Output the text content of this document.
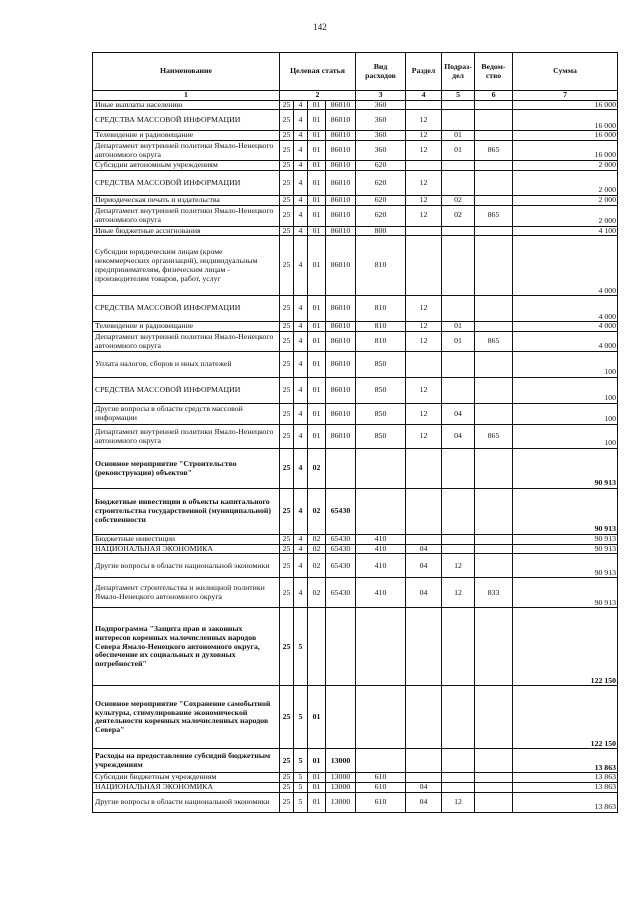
142
Наименование	Целевая статья				Вид расходов	Раздел	Подраз-дел	Ведом-ство	Сумма
1	2				3	4	5	6	7
Иные выплаты населению	25	4	01	86010	360				16 000
СРЕДСТВА МАССОВОЙ ИНФОРМАЦИИ	25	4	01	86010	360	12			16 000
Телевидение и радиовещание	25	4	01	86010	360	12	01		16 000
Департамент внутренней политики Ямало-Ненецкого автономного округа	25	4	01	86010	360	12	01	865	16 000
Субсидии автономным учреждениям	25	4	01	86010	620				2 000
СРЕДСТВА МАССОВОЙ ИНФОРМАЦИИ	25	4	01	86010	620	12			2 000
Периодическая печать и издательства	25	4	01	86010	620	12	02		2 000
Департамент внутренней политики Ямало-Ненецкого автономного округа	25	4	01	86010	620	12	02	865	2 000
Иные бюджетные ассигнования	25	4	01	86010	800				4 100
Субсидии юридическим лицам (кроме некоммерческих организаций), индивидуальным предпринимателям, физическим лицам - производителям товаров, работ, услуг	25	4	01	86010	810				4 000
СРЕДСТВА МАССОВОЙ ИНФОРМАЦИИ	25	4	01	86010	810	12			4 000
Телевидение и радиовещание	25	4	01	86010	810	12	01		4 000
Департамент внутренней политики Ямало-Ненецкого автономного округа	25	4	01	86010	810	12	01	865	4 000
Уплата налогов, сборов и иных платежей	25	4	01	86010	850				100
СРЕДСТВА МАССОВОЙ ИНФОРМАЦИИ	25	4	01	86010	850	12			100
Другие вопросы в области средств массовой информации	25	4	01	86010	850	12	04		100
Департамент внутренней политики Ямало-Ненецкого автономного округа	25	4	01	86010	850	12	04	865	100
Основное мероприятие "Строительство (реконструкция) объектов"	25	4	02						90 913
Бюджетные инвестиции в объекты капитального строительства государственной (муниципальной) собственности	25	4	02	65430					90 913
Бюджетные инвестиции	25	4	02	65430	410				90 913
НАЦИОНАЛЬНАЯ ЭКОНОМИКА	25	4	02	65430	410	04			90 913
Другие вопросы в области национальной экономики	25	4	02	65430	410	04	12		90 913
Департамент строительства и жилищной политики Ямало-Ненецкого автономного округа	25	4	02	65430	410	04	12	833	90 913
Подпрограмма "Защита прав и законных интересов коренных малочисленных народов Севера Ямало-Ненецкого автономного округа, обеспечение их социальных и духовных потребностей"	25	5							122 150
Основное мероприятие "Сохранение самобытной культуры, стимулирование экономической деятельности коренных малочисленных народов Севера"	25	5	01						122 150
Расходы на предоставление субсидий бюджетным учреждениям	25	5	01	13000					13 863
Субсидии бюджетным учреждениям	25	5	01	13000	610				13 863
НАЦИОНАЛЬНАЯ ЭКОНОМИКА	25	5	01	13000	610	04			13 863
Другие вопросы в области национальной экономики	25	5	01	13000	610	04	12		13 863
